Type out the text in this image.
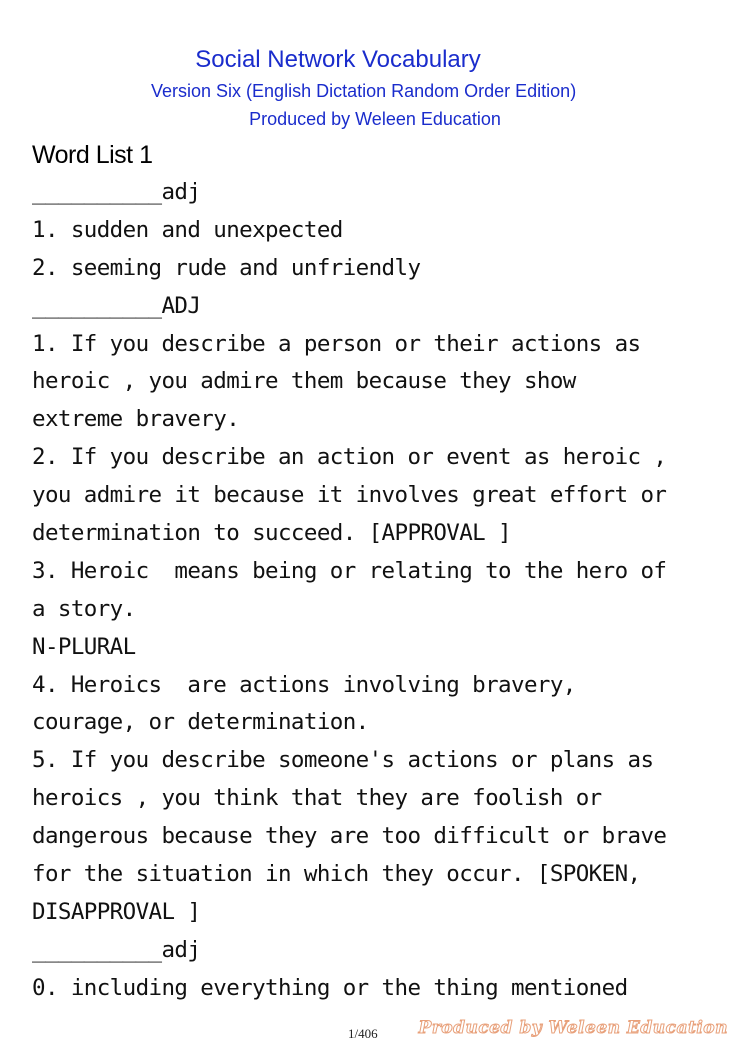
Social Network Vocabulary
Version Six (English Dictation Random Order Edition)
Produced by Weleen Education
Word List 1
__________adj
1. sudden and unexpected
2. seeming rude and unfriendly
__________ADJ
1. If you describe a person or their actions as
heroic , you admire them because they show
extreme bravery.
2. If you describe an action or event as heroic ,
you admire it because it involves great effort or
determination to succeed. [APPROVAL ]
3. Heroic  means being or relating to the hero of
a story.
N-PLURAL
4. Heroics  are actions involving bravery,
courage, or determination.
5. If you describe someone's actions or plans as
heroics , you think that they are foolish or
dangerous because they are too difficult or brave
for the situation in which they occur. [SPOKEN,
DISAPPROVAL ]
__________adj
0. including everything or the thing mentioned
1/406 Produced by Weleen Education
